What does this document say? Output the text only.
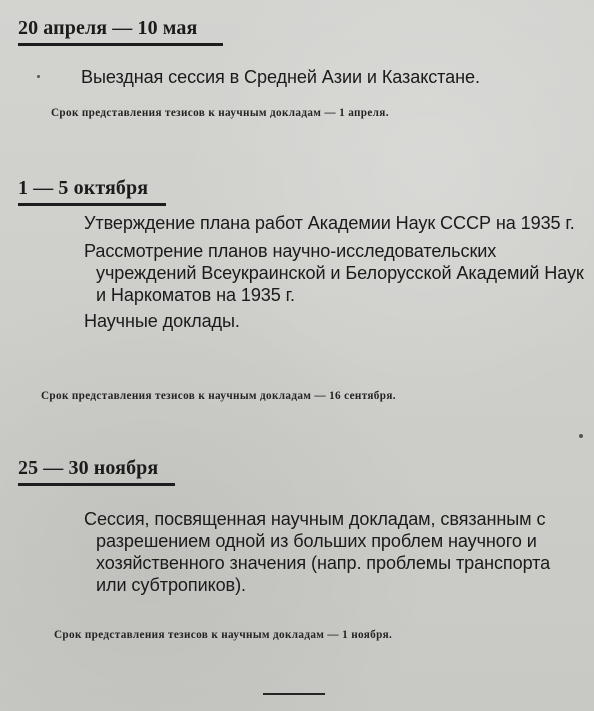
20 апреля — 10 мая

Выездная сессия в Средней Азии и Казакстане.

Срок представления тезисов к научным докладам — 1 апреля.

1 — 5 октября

Утверждение плана работ Академии Наук СССР на 1935 г.

Рассмотрение планов научно-исследовательских учреждений Всеукраинской и Белорусской Академий Наук и Наркоматов на 1935 г.

Научные доклады.

Срок представления тезисов к научным докладам — 16 сентября.

25 — 30 ноября

Сессия, посвященная научным докладам, связанным с разрешением одной из больших проблем научного и хозяйственного значения (напр. проблемы транспорта или субтропиков).

Срок представления тезисов к научным докладам — 1 ноября.
